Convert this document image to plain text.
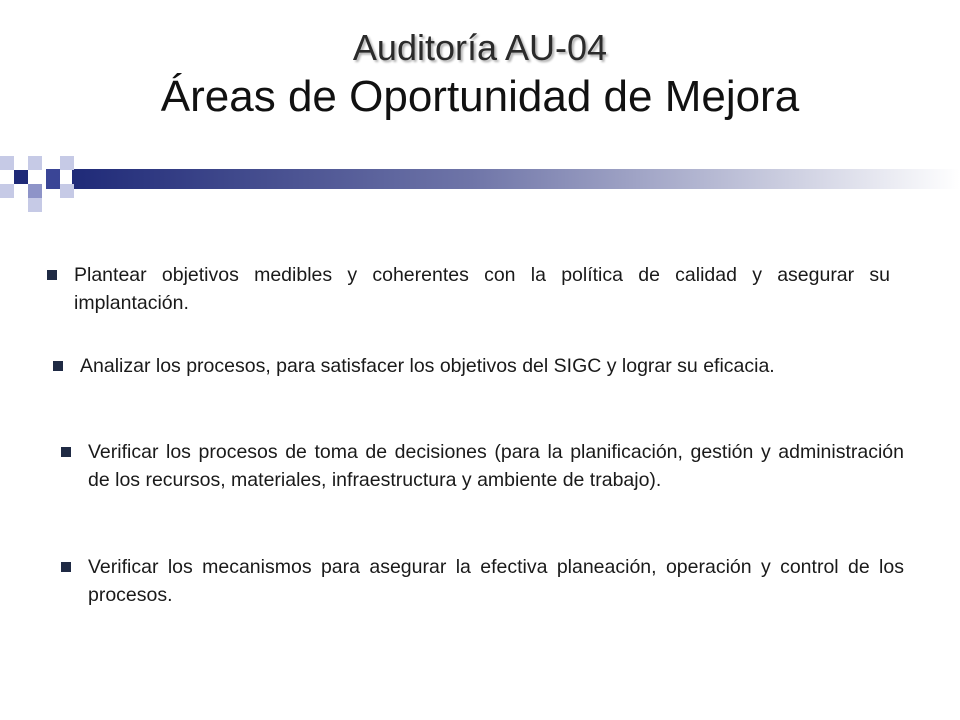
Auditoría AU-04
Áreas de Oportunidad de Mejora
Plantear objetivos medibles y coherentes con la política de calidad y asegurar su implantación.
Analizar los procesos, para satisfacer los objetivos del SIGC y lograr su eficacia.
Verificar los procesos de toma de decisiones (para la planificación, gestión y administración de los recursos, materiales, infraestructura y ambiente de trabajo).
Verificar los mecanismos para asegurar la efectiva planeación, operación y control de los procesos.
